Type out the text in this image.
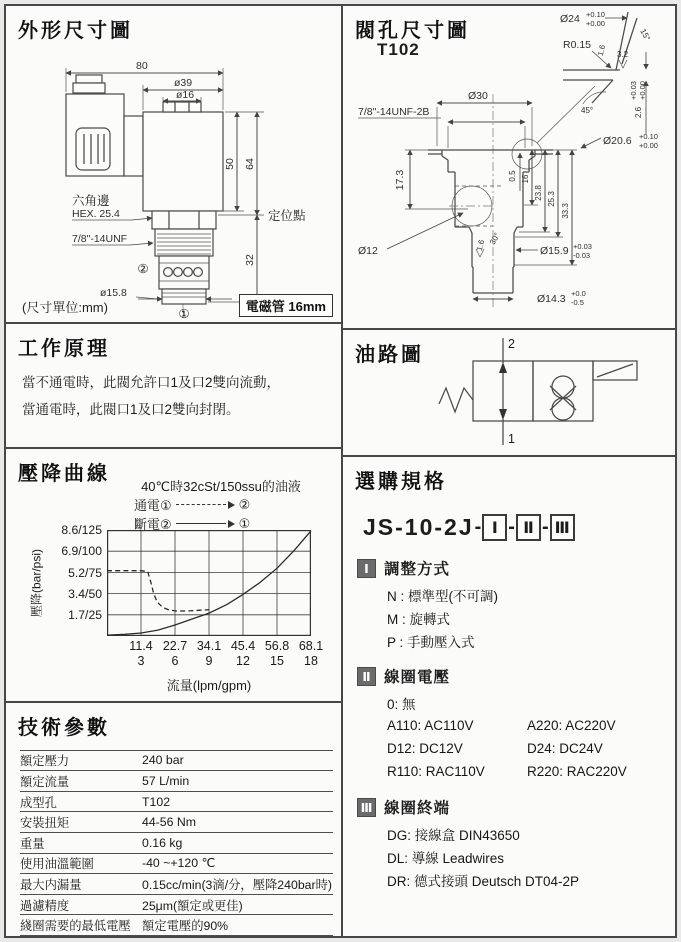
80
ø39
ø16
50 64
32
定位點
六角邊
HEX. 25.4
7/8"-14UNF
ø15.8
②
①
外形尺寸圖
(尺寸單位:mm)	電磁管 16mm
工作原理
當不通電時，此閥允許口1及口2雙向流動，
當通電時，此閥口1及口2雙向封閉。
壓降曲線
40℃時32cSt/150ssu的油液
通電①	②
斷電②	①
壓降(bar/psi)
8.6/125
6.9/100
5.2/75
3.4/50
1.7/25
11.4
3
22.7
6
34.1
9
45.4
12
56.8
15
68.1
18
流量(lpm/gpm)
技術參數
額定壓力	240 bar
額定流量	57 L/min
成型孔	T102
安裝扭矩	44-56 Nm
重量	0.16 kg
使用油溫範圍	-40 ~+120 ℃
最大内漏量	0.15cc/min(3滴/分，壓降240bar時)
過濾精度	25μm(額定或更佳)
綫圈需要的最低電壓 額定電壓的90%
Ø30
7/8"-14UNF-2B
17.3
Ø12
0.5 16
23.8 25.3
33.3
Ø15.9 +0.03
-0.03
Ø14.3 +0.0
-0.5
1.6 30°
Ø24 +0.10
+0.00
R0.15
15°
1.6 3.2
45°	2.6
+0.03 +0.00
Ø20.6 +0.10
+0.00
閥孔尺寸圖
T102
2
1
油路圖
選購規格
JS-10-2J - Ⅰ - Ⅱ - Ⅲ
Ⅰ 調整方式
N : 標準型(不可調)
M : 旋轉式
P : 手動壓入式
Ⅱ 線圈電壓
0: 無
A110: AC110V	A220: AC220V
D12: DC12V	D24: DC24V
R110: RAC110V	R220: RAC220V
Ⅲ 線圈終端
DG: 接線盒 DIN43650
DL: 導線 Leadwires
DR: 德式接頭 Deutsch DT04-2P
